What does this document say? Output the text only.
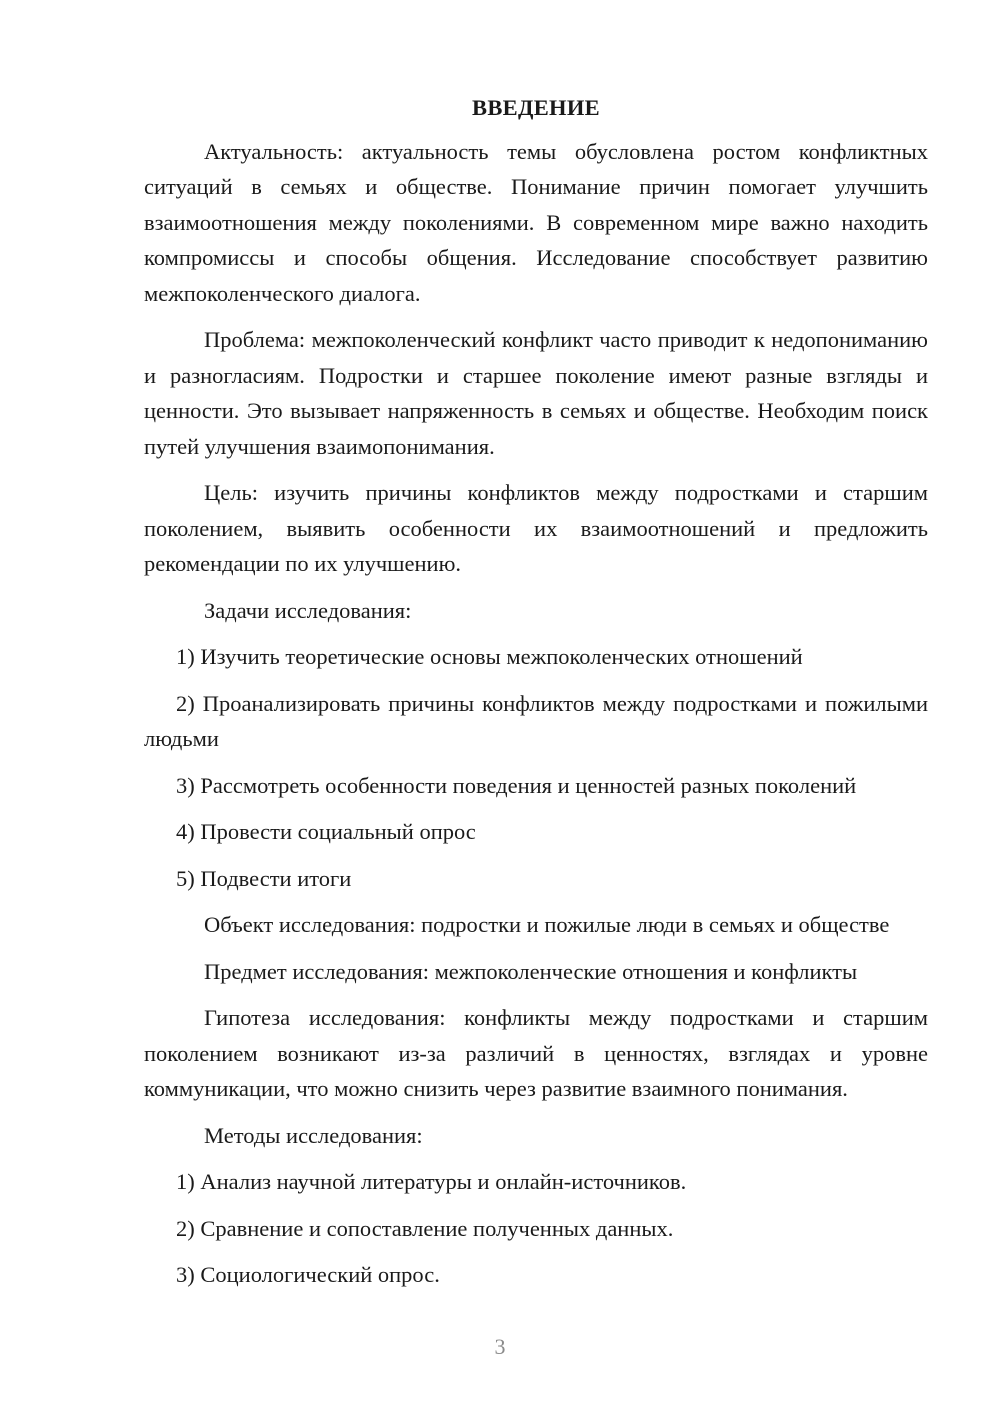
ВВЕДЕНИЕ

Актуальность: актуальность темы обусловлена ростом конфликтных ситуаций в семьях и обществе. Понимание причин помогает улучшить взаимоотношения между поколениями. В современном мире важно находить компромиссы и способы общения. Исследование способствует развитию межпоколенческого диалога.

Проблема: межпоколенческий конфликт часто приводит к недопониманию и разногласиям. Подростки и старшее поколение имеют разные взгляды и ценности. Это вызывает напряженность в семьях и обществе. Необходим поиск путей улучшения взаимопонимания.

Цель: изучить причины конфликтов между подростками и старшим поколением, выявить особенности их взаимоотношений и предложить рекомендации по их улучшению.

Задачи исследования:

1) Изучить теоретические основы межпоколенческих отношений

2) Проанализировать причины конфликтов между подростками и пожилыми людьми

3) Рассмотреть особенности поведения и ценностей разных поколений

4) Провести социальный опрос

5) Подвести итоги

Объект исследования: подростки и пожилые люди в семьях и обществе

Предмет исследования: межпоколенческие отношения и конфликты

Гипотеза исследования: конфликты между подростками и старшим поколением возникают из-за различий в ценностях, взглядах и уровне коммуникации, что можно снизить через развитие взаимного понимания.

Методы исследования:

1) Анализ научной литературы и онлайн-источников.

2) Сравнение и сопоставление полученных данных.

3) Социологический опрос.

3
